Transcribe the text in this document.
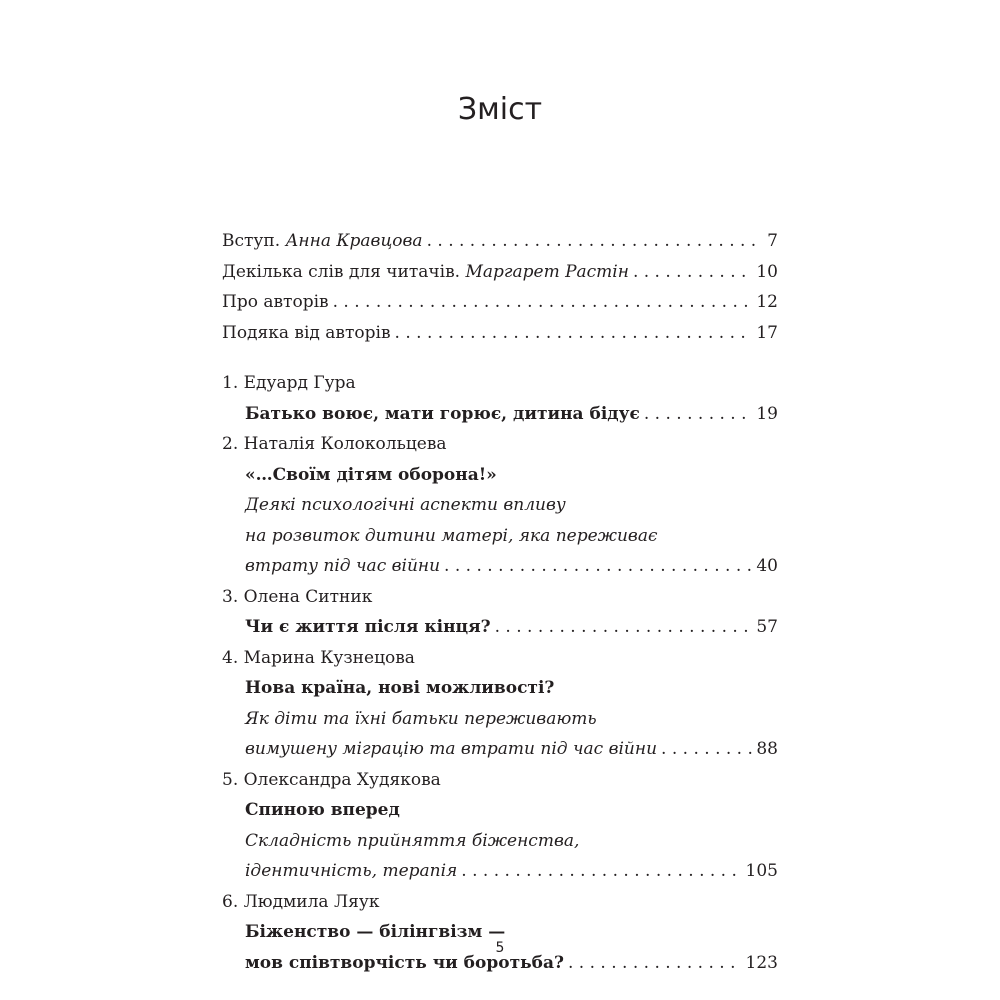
Зміст
Вступ. Анна Кравцова . . .	7
Декілька слів для читачів. Маргарет Растін . . .	10
Про авторів . . .	12
Подяка від авторів . . .	17
1. Едуард Гура
Батько воює, мати горює, дитина бідує . . .	19
2. Наталія Колокольцева
«…Своїм дітям оборона!»
Деякі психологічні аспекти впливу
на розвиток дитини матері, яка переживає
втрату під час війни . . .	40
3. Олена Ситник
Чи є життя після кінця? . . .	57
4. Марина Кузнецова
Нова країна, нові можливості?
Як діти та їхні батьки переживають
вимушену міграцію та втрати під час війни . . .	88
5. Олександра Худякова
Спиною вперед
Складність прийняття біженства,
ідентичність, терапія . . .	105
6. Людмила Ляук
Біженство — білінгвізм —
мов співтворчість чи боротьба? . . .	123
5
